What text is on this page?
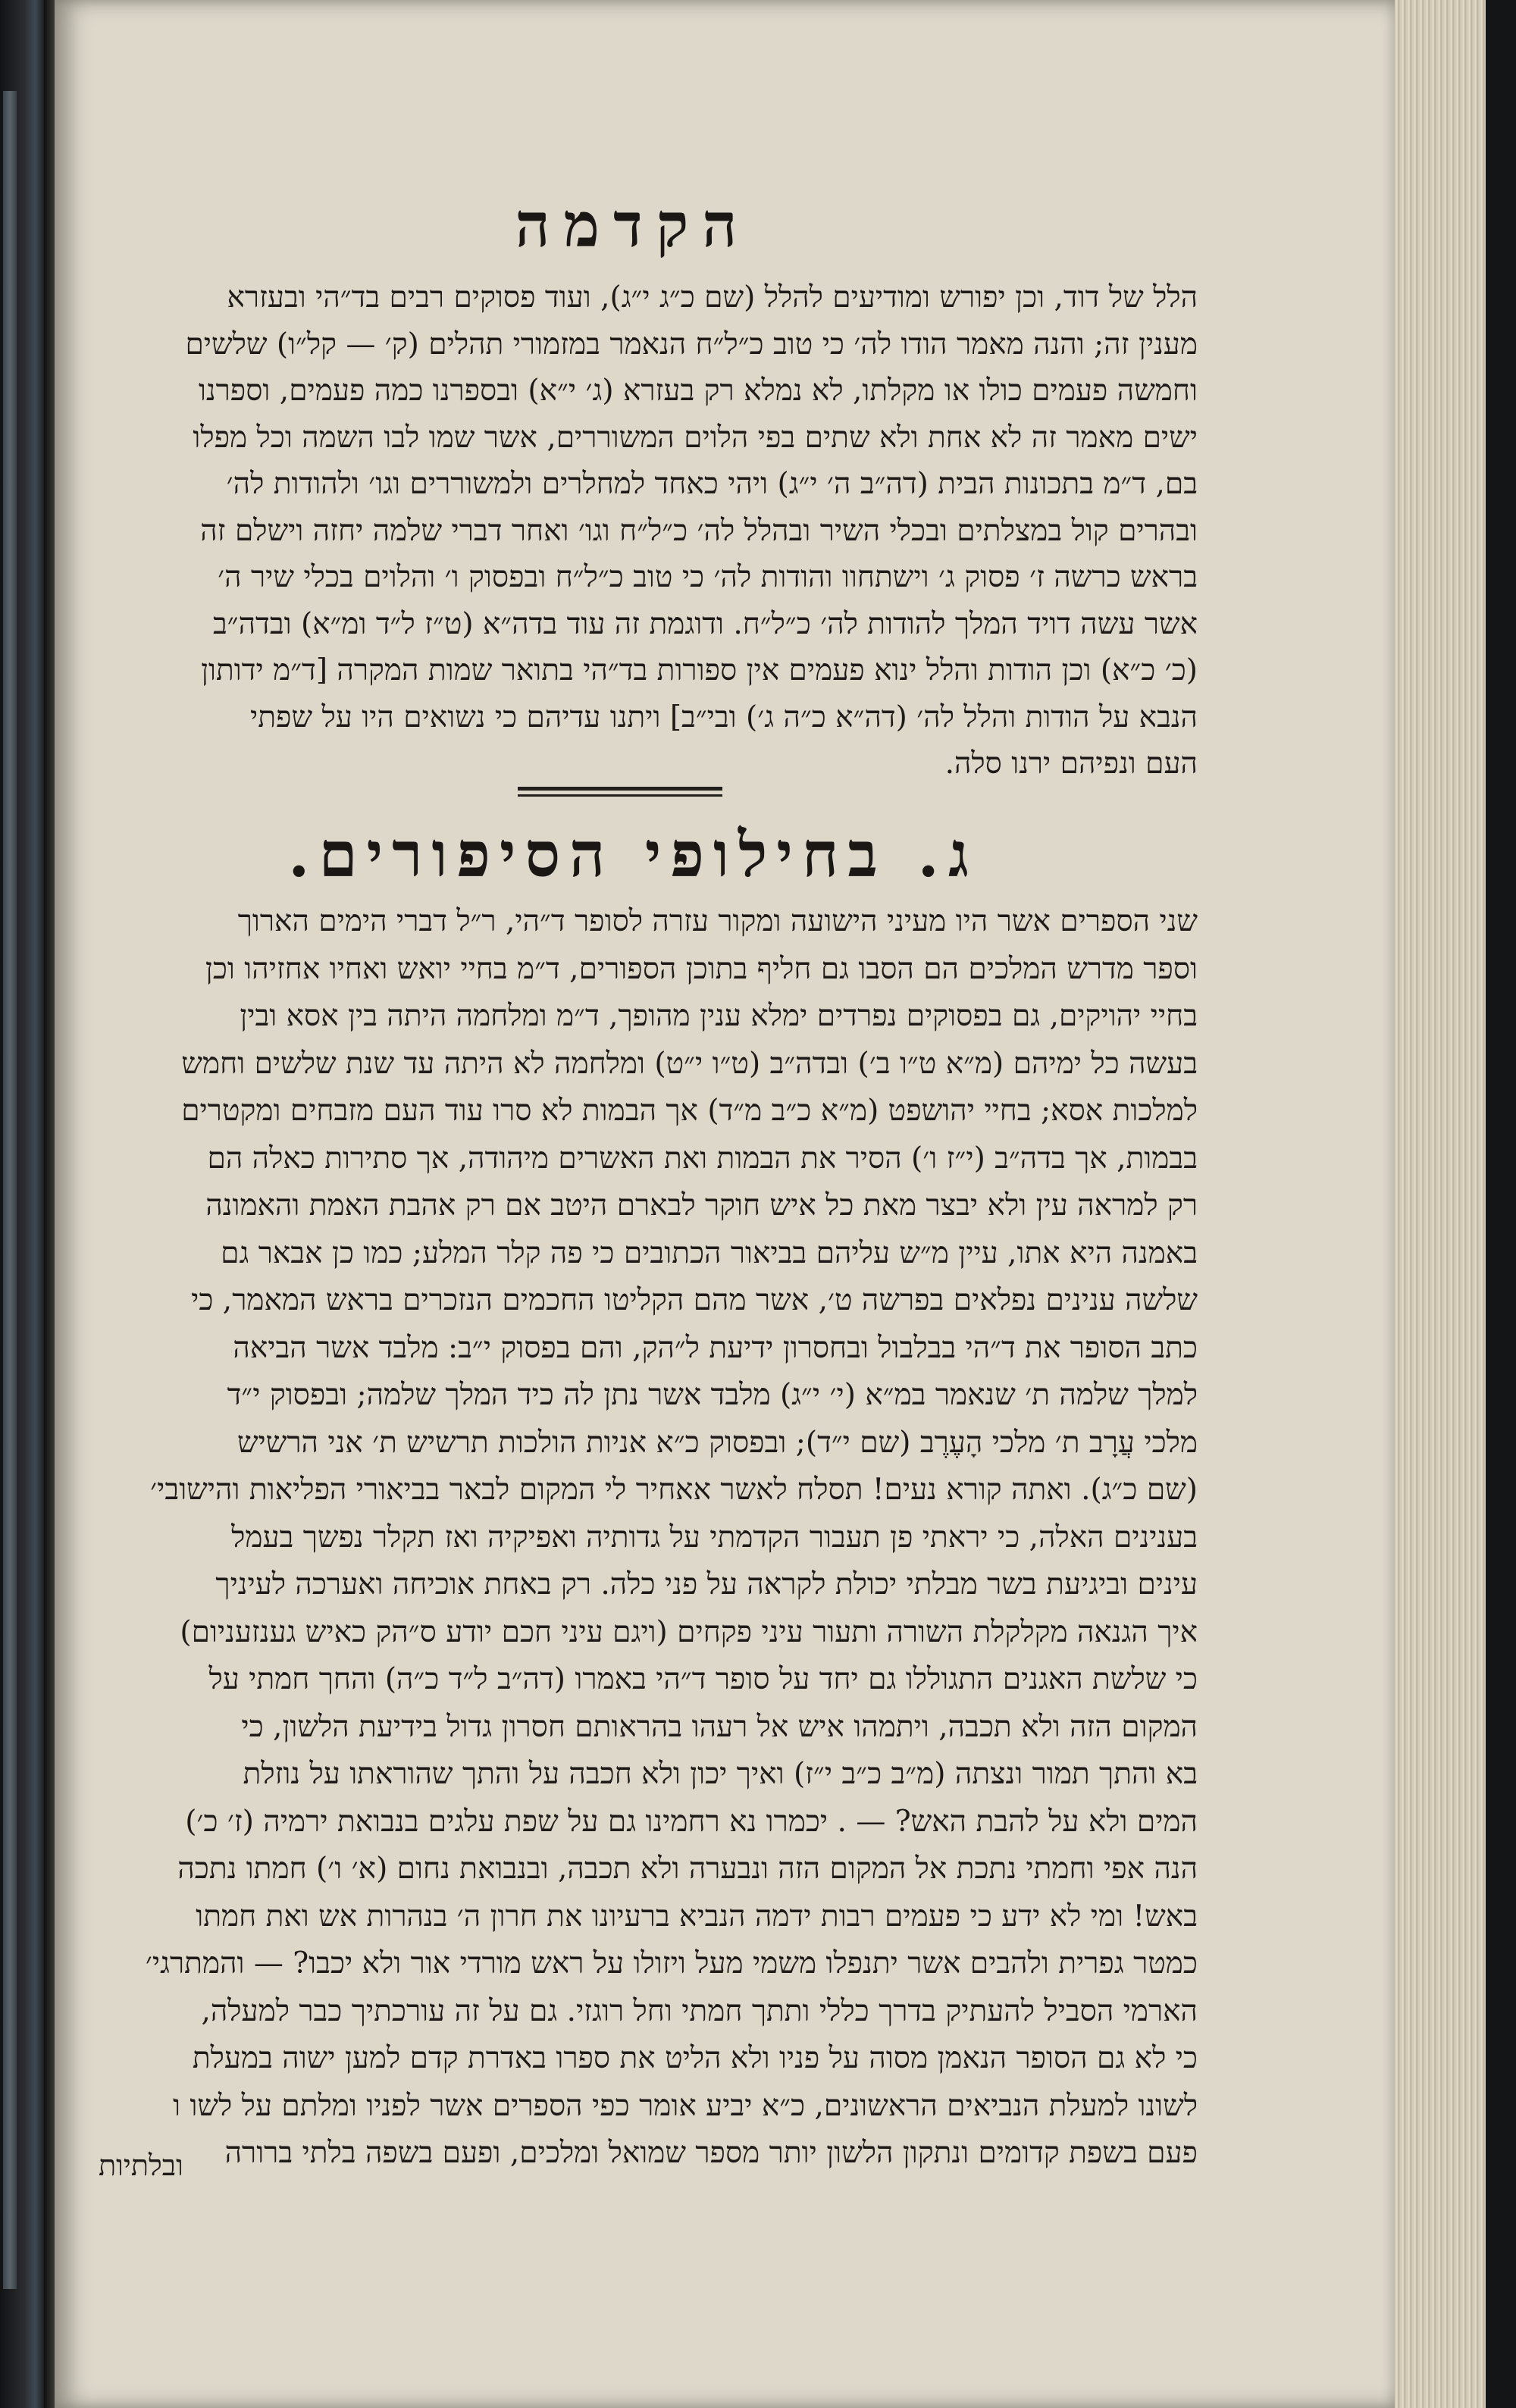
הקדמה
הלל של דוד, וכן יפורש ומודיעים להלל (שם כ״ג י״ג), ועוד פסוקים רבים בד״הי ובעזרא
מענין זה; והנה מאמר הודו לה׳ כי טוב כ״ל״ח הנאמר במזמורי תהלים (ק׳ — קל״ו) שלשים
וחמשה פעמים כולו או מקלתו, לא נמלא רק בעזרא (ג׳ י״א) ובספרנו כמה פעמים, וספרנו
ישים מאמר זה לא אחת ולא שתים בפי הלוים המשוררים, אשר שמו לבו השמה וכל מפלו
בם, ד״מ בתכונות הבית (דה״ב ה׳ י״ג) ויהי כאחד למחלרים ולמשוררים וגו׳ ולהודות לה׳
ובהרים קול במצלתים ובכלי השיר ובהלל לה׳ כ״ל״ח וגו׳ ואחר דברי שלמה יחזה וישלם זה
בראש כרשה ז׳ פסוק ג׳ וישתחוו והודות לה׳ כי טוב כ״ל״ח ובפסוק ו׳ והלוים בכלי שיר ה׳
אשר עשה דויד המלך להודות לה׳ כ״ל״ח. ודוגמת זה עוד בדה״א (ט״ז ל״ד ומ״א) ובדה״ב
(כ׳ כ״א) וכן הודות והלל ינוא פעמים אין ספורות בד״הי בתואר שמות המקרה [ד״מ ידותון
הנבא על הודות והלל לה׳ (דה״א כ״ה ג׳) ובי״ב] ויתנו עדיהם כי נשואים היו על שפתי
העם ונפיהם ירנו סלה.
ג. בחילופי הסיפורים.
שני הספרים אשר היו מעיני הישועה ומקור עזרה לסופר ד״הי, ר״ל דברי הימים הארוך
וספר מדרש המלכים הם הסבו גם חליף בתוכן הספורים, ד״מ בחיי יואש ואחיו אחזיהו וכן
בחיי יהויקים, גם בפסוקים נפרדים ימלא ענין מהופך, ד״מ ומלחמה היתה בין אסא ובין
בעשה כל ימיהם (מ״א ט״ו ב׳) ובדה״ב (ט״ו י״ט) ומלחמה לא היתה עד שנת שלשים וחמש
למלכות אסא; בחיי יהושפט (מ״א כ״ב מ״ד) אך הבמות לא סרו עוד העם מזבחים ומקטרים
בבמות, אך בדה״ב (י״ז ו׳) הסיר את הבמות ואת האשרים מיהודה, אך סתירות כאלה הם
רק למראה עין ולא יבצר מאת כל איש חוקר לבארם היטב אם רק אהבת האמת והאמונה
באמנה היא אתו, עיין מ״ש עליהם בביאור הכתובים כי פה קלר המלע; כמו כן אבאר גם
שלשה ענינים נפלאים בפרשה ט׳, אשר מהם הקליטו החכמים הנזכרים בראש המאמר, כי
כתב הסופר את ד״הי בבלבול ובחסרון ידיעת ל״הק, והם בפסוק י״ב: מלבד אשר הביאה
למלך שלמה ת׳ שנאמר במ״א (י׳ י״ג) מלבד אשר נתן לה כיד המלך שלמה; ובפסוק י״ד
מלכי עֲרָב ת׳ מלכי הָעֶרֶב (שם י״ד); ובפסוק כ״א אניות הולכות תרשיש ת׳ אני הרשיש
(שם כ״ג). ואתה קורא נעים! תסלח לאשר אאחיר לי המקום לבאר בביאורי הפליאות והישובי׳
בענינים האלה, כי יראתי פן תעבור הקדמתי על גדותיה ואפיקיה ואז תקלר נפשך בעמל
עינים וביגיעת בשר מבלתי יכולת לקראה על פני כלה. רק באחת אוכיחה ואערכה לעיניך
איך הגנאה מקלקלת השורה ותעור עיני פקחים (ויגם עיני חכם יודע ס״הק כאיש גענזעניום)
כי שלשת האגנים התגוללו גם יחד על סופר ד״הי באמרו (דה״ב ל״ד כ״ה) והחך חמתי על
המקום הזה ולא תכבה, ויתמהו איש אל רעהו בהראותם חסרון גדול בידיעת הלשון, כי
בא והתך תמור ונצתה (מ״ב כ״ב י״ז) ואיך יכון ולא חכבה על והתך שהוראתו על נוזלת
המים ולא על להבת האש? — . יכמרו נא רחמינו גם על שפת עלגים בנבואת ירמיה (ז׳ כ׳)
הנה אפי וחמתי נתכת אל המקום הזה ונבערה ולא תכבה, ובנבואת נחום (א׳ ו׳) חמתו נתכה
באש! ומי לא ידע כי פעמים רבות ידמה הנביא ברעיונו את חרון ה׳ בנהרות אש ואת חמתו
כמטר גפרית ולהבים אשר יתנפלו משמי מעל ויזולו על ראש מורדי אור ולא יכבו? — והמתרגי׳
הארמי הסביל להעתיק בדרך כללי ותתך חמתי וחל רוגזי. גם על זה עורכתיך כבר למעלה,
כי לא גם הסופר הנאמן מסוה על פניו ולא הליט את ספרו באדרת קדם למען ישוה במעלת
לשונו למעלת הנביאים הראשונים, כ״א יביע אומר כפי הספרים אשר לפניו ומלתם על לשו ו
פעם בשפת קדומים ונתקון הלשון יותר מספר שמואל ומלכים, ופעם בשפה בלתי ברורה
ובלתיות
